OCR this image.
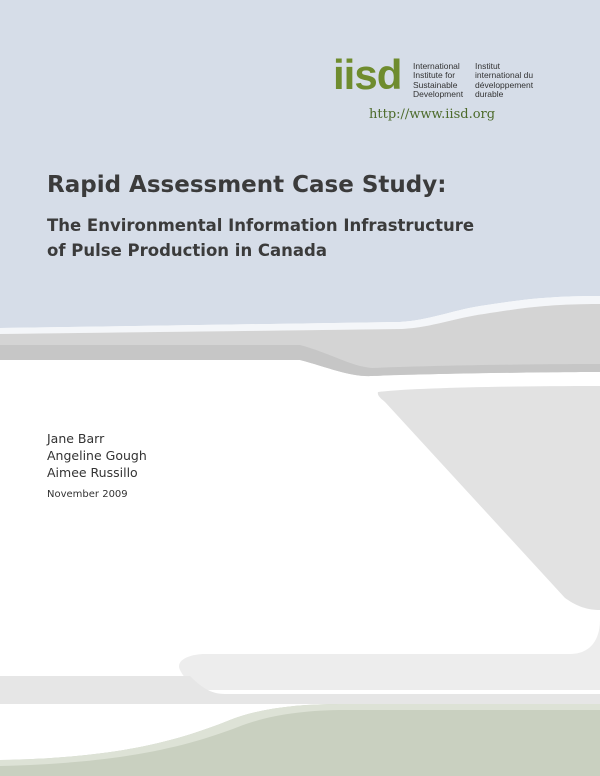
iisd International
Institute for
Sustainable
Development
Institut
international du
développement
durable
http://www.iisd.org
Rapid Assessment Case Study:
The Environmental Information Infrastructure
of Pulse Production in Canada
Jane Barr
Angeline Gough
Aimee Russillo
November 2009
